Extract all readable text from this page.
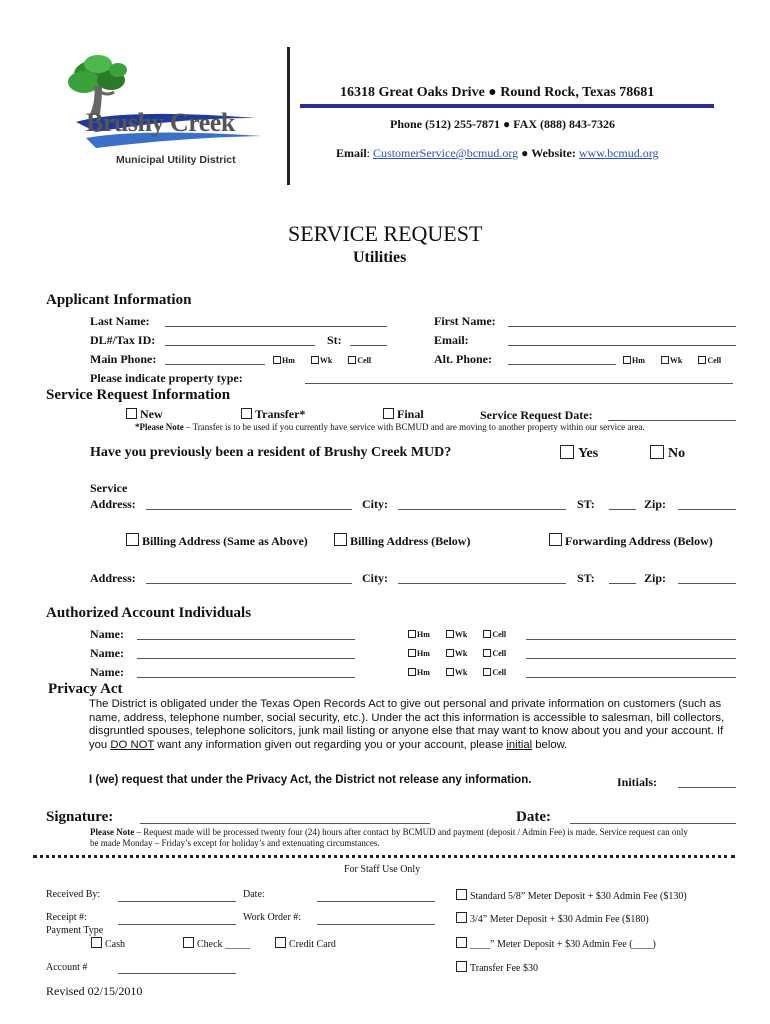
Brushy Creek
Municipal Utility District
16318 Great Oaks Drive ● Round Rock, Texas 78681
Phone (512) 255-7871 ● FAX (888) 843-7326
Email: CustomerService@bcmud.org ● Website: www.bcmud.org
SERVICE REQUEST
Utilities
Applicant Information
Last Name:	First Name:
DL#/Tax ID:	St:	Email:
Main Phone:	Hm	Wk	Cell	Alt. Phone:	Hm	Wk	Cell
Please indicate property type:
Service Request Information
New	Transfer*	Final	Service Request Date:
*Please Note – Transfer is to be used if you currently have service with BCMUD and are moving to another property within our service area.
Have you previously been a resident of Brushy Creek MUD?	Yes	No
Service
Address:	City:	ST:	Zip:
Billing Address (Same as Above)	Billing Address (Below)	Forwarding Address (Below)
Address:	City:	ST:	Zip:
Authorized Account Individuals
Name:	Hm	Wk	Cell
Name:	Hm	Wk	Cell
Name:	Hm	Wk	Cell
Privacy Act
The District is obligated under the Texas Open Records Act to give out personal and private information on customers (such as
name, address, telephone number, social security, etc.). Under the act this information is accessible to salesman, bill collectors,
disgruntled spouses, telephone solicitors, junk mail listing or anyone else that may want to know about you and your account. If
you DO NOT want any information given out regarding you or your account, please initial below.
I (we) request that under the Privacy Act, the District not release any information.	Initials:
Signature:	Date:
Please Note – Request made will be processed twenty four (24) hours after contact by BCMUD and payment (deposit / Admin Fee) is made. Service request can only
be made Monday – Friday’s except for holiday’s and extenuating circumstances.
For Staff Use Only
Received By:	Date:
Receipt #:	Work Order #:
Payment Type
Cash	Check _____	Credit Card
Account #
Standard 5/8” Meter Deposit + $30 Admin Fee ($130)
3/4” Meter Deposit + $30 Admin Fee ($180)
____” Meter Deposit + $30 Admin Fee (____)
Transfer Fee $30
Revised 02/15/2010
